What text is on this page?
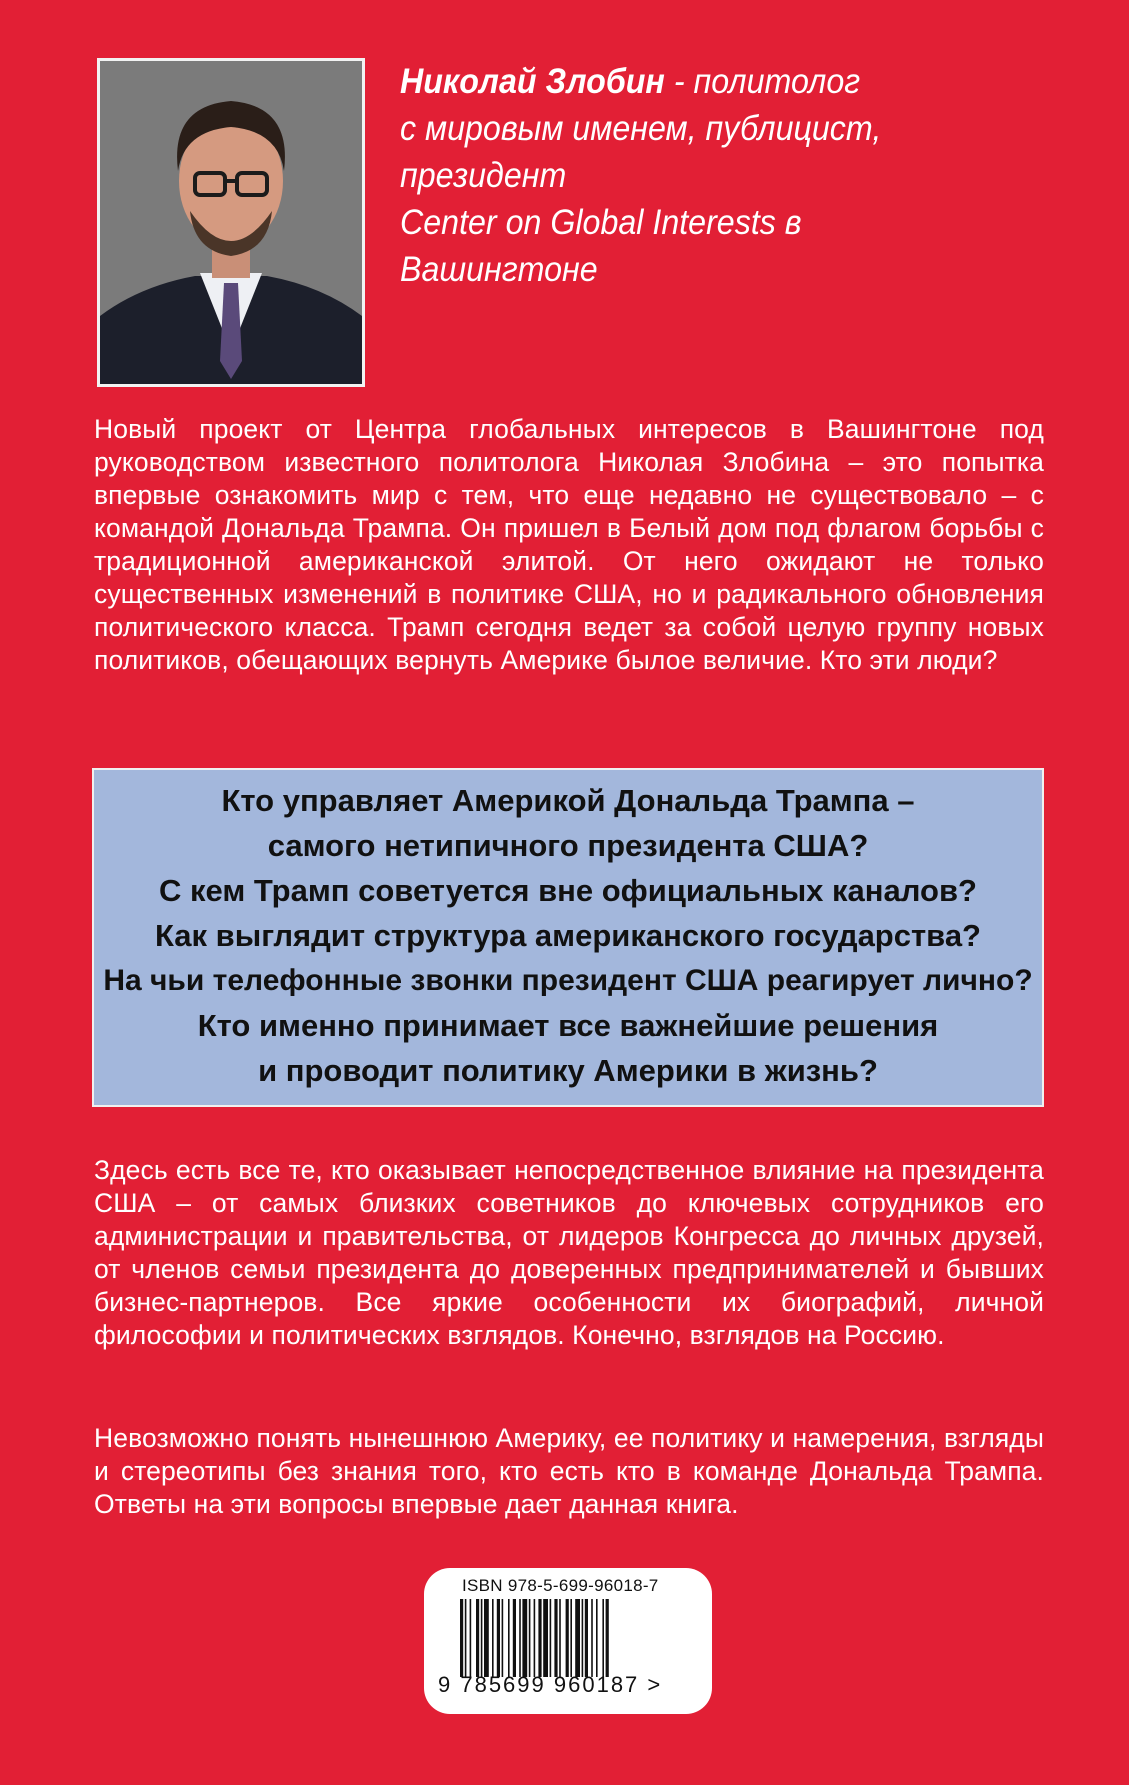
Николай Злобин - политолог
с мировым именем, публицист, президент
Center on Global Interests в Вашингтоне
Новый проект от Центра глобальных интересов в Вашингтоне под руководством известного политолога Николая Злобина – это попытка впервые ознакомить мир с тем, что еще недавно не существовало – с командой Дональда Трампа. Он пришел в Белый дом под флагом борьбы с традиционной американской элитой. От него ожидают не только существенных изменений в политике США, но и радикального обновления политического класса. Трамп сегодня ведет за собой целую группу новых политиков, обещающих вернуть Америке былое величие. Кто эти люди?
Кто управляет Америкой Дональда Трампа –
самого нетипичного президента США?
С кем Трамп советуется вне официальных каналов?
Как выглядит структура американского государства?
На чьи телефонные звонки президент США реагирует лично?
Кто именно принимает все важнейшие решения
и проводит политику Америки в жизнь?
Здесь есть все те, кто оказывает непосредственное влияние на президента США – от самых близких советников до ключевых сотрудников его администрации и правительства, от лидеров Конгресса до личных друзей, от членов семьи президента до доверенных предпринимателей и бывших бизнес-партнеров. Все яркие особенности их биографий, личной философии и политических взглядов. Конечно, взглядов на Россию.
Невозможно понять нынешнюю Америку, ее политику и намерения, взгляды и стереотипы без знания того, кто есть кто в команде Дональда Трампа. Ответы на эти вопросы впервые дает данная книга.
ISBN 978-5-699-96018-7
9 785699 960187 >
